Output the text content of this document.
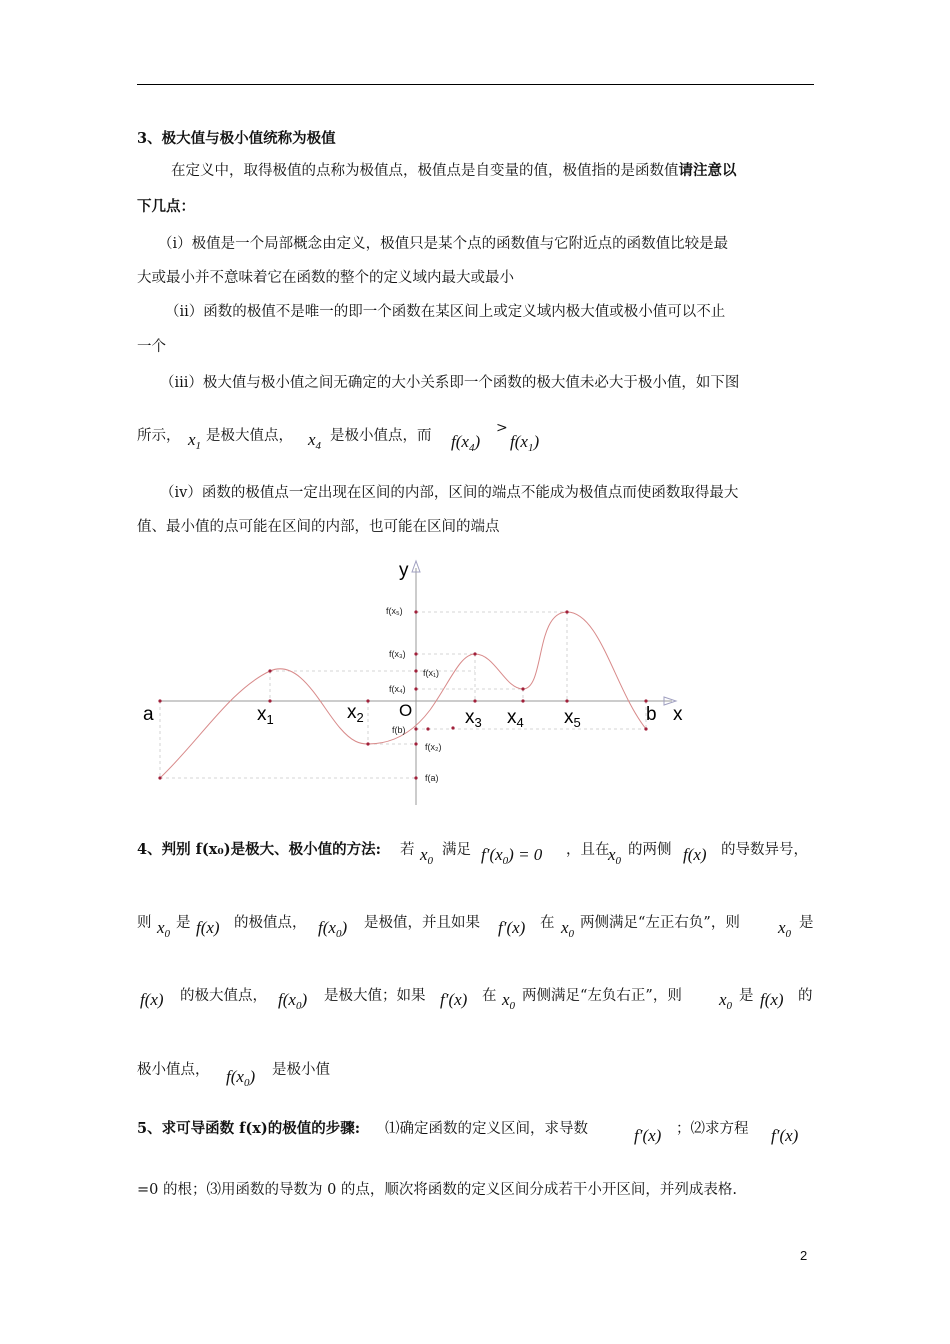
3、极大值与极小值统称为极值
在定义中，取得极值的点称为极值点，极值点是自变量的值，极值指的是函数值请注意以
下几点：
（ⅰ）极值是一个局部概念由定义，极值只是某个点的函数值与它附近点的函数值比较是最
大或最小并不意味着它在函数的整个的定义域内最大或最小
（ⅱ）函数的极值不是唯一的即一个函数在某区间上或定义域内极大值或极小值可以不止
一个
（ⅲ）极大值与极小值之间无确定的大小关系即一个函数的极大值未必大于极小值，如下图
所示， $x_1$
是极大值点， $x_4$
是极小值点，而 $f(x_4)$
>
$f(x_1)$
（ⅳ）函数的极值点一定出现在区间的内部，区间的端点不能成为极值点而使函数取得最大
值、最小值的点可能在区间的内部，也可能在区间的端点
y
x
a	b
O
$x_1$	$x_2$	$x_3$ $x_4$ $x_5$
f(x₅)
f(x₃)
f(x₁)
f(x₄)
f(b)
f(x₂)
f(a)
4、判别 f(x₀)是极大、极小值的方法: 若 $x_0$
满足 $f'(x_0) = 0$ ，且在
$x_0$
的两侧 f(x) 的导数异号，
则 $x_0$
是 f(x) 的极值点， $f(x_0)$ 是极值，并且如果 f′(x) 在 $x_0$
两侧满足“左正右负”，则 $x_0$
是
f(x) 的极大值点， $f(x_0)$ 是极大值；如果 f′(x) 在 $x_0$
两侧满足“左负右正”，则 $x_0$
是 f(x) 的
极小值点， $f(x_0)$ 是极小值
5、求可导函数 f(x)的极值的步骤: ⑴确定函数的定义区间，求导数	f′(x) ；⑵求方程 f′(x)
=0 的根；⑶用函数的导数为 0 的点，顺次将函数的定义区间分成若干小开区间，并列成表格.
2
